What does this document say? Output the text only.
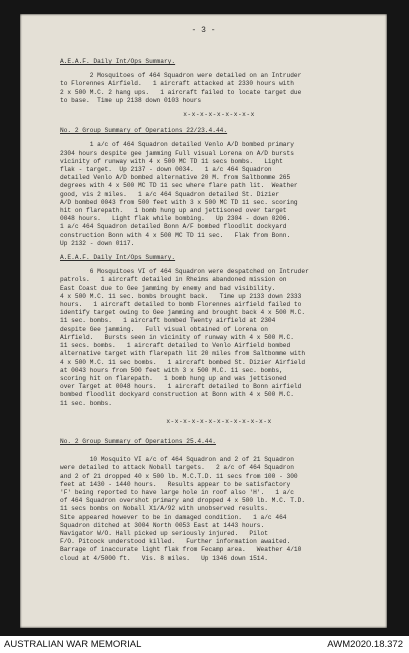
- 3 -
A.E.A.F. Daily Int/Ops Summary.
2 Mosquitoes of 464 Squadron were detailed on an Intruder
to Florennes Airfield.   1 aircraft attacked at 2330 hours with
2 x 500 M.C. 2 hang ups.   1 aircraft failed to locate target due
to base.  Time up 2138 down 0103 hours
x-x-x-x-x-x-x-x-x
No. 2 Group Summary of Operations 22/23.4.44.
1 a/c of 464 Squadron detailed Venlo A/D bombed primary
2304 hours despite gee jamming Full visual Lorena on A/D bursts
vicinity of runway with 4 x 500 MC TD 11 secs bombs.   Light
flak - target.  Up 2137 - down 0034.   1 a/c 464 Squadron
detailed Venlo A/D bombed alternative 20 M. from Saltbomme 265
degrees with 4 x 500 MC TD 11 sec where flare path lit.  Weather
good, vis 2 miles.   1 a/c 464 Squadron detailed St. Dizier
A/D bombed 0043 from 500 feet with 3 x 500 MC TD 11 sec. scoring
hit on flarepath.   1 bomb hung up and jettisoned over target
0048 hours.   Light flak while bombing.   Up 2304 - down 0206.
1 a/c 464 Squadron detailed Bonn A/F bombed floodlit dockyard
construction Bonn with 4 x 500 MC TD 11 sec.   Flak from Bonn.
Up 2132 - down 0117.
A.E.A.F. Daily Int/Ops Summary.
6 Mosquitoes VI of 464 Squadron were despatched on Intruder
patrols.   1 aircraft detailed in Rheims abandoned mission on
East Coast due to Gee jamming by enemy and bad visibility.
4 x 500 M.C. 11 sec. bombs brought back.   Time up 2133 down 2333
hours.   1 aircraft detailed to bomb Florennes airfield failed to
identify target owing to Gee jamming and brought back 4 x 500 M.C.
11 sec. bombs.   1 aircraft bombed Twenty airfield at 2304
despite Gee jamming.   Full visual obtained of Lorena on
Airfield.   Bursts seen in vicinity of runway with 4 x 500 M.C.
11 secs. bombs.   1 aircraft detailed to Venlo Airfield bombed
alternative target with flarepath lit 20 miles from Saltbomme with
4 x 500 M.C. 11 sec bombs.   1 aircraft bombed St. Dizier Airfield
at 0043 hours from 500 feet with 3 x 500 M.C. 11 sec. bombs,
scoring hit on flarepath.   1 bomb hung up and was jettisoned
over Target at 0048 hours.   1 aircraft detailed to Bonn airfield
bombed floodlit dockyard construction at Bonn with 4 x 500 M.C.
11 sec. bombs.
x-x-x-x-x-x-x-x-x-x-x-x-x
No. 2 Group Summary of Operations 25.4.44.
10 Mosquito VI a/c of 464 Squadron and 2 of 21 Squadron
were detailed to attack Noball targets.   2 a/c of 464 Squadron
and 2 of 21 dropped 40 x 500 lb. M.C.T.D. 11 secs from 100 - 300
feet at 1430 - 1440 hours.   Results appear to be satisfactory
'F' being reported to have large hole in roof also 'H'.   1 a/c
of 464 Squadron overshot primary and dropped 4 x 500 lb. M.C. T.D.
11 secs bombs on Noball X1/A/92 with unobserved results.
Site appeared however to be in damaged condition.   1 a/c 464
Squadron ditched at 3004 North 0053 East at 1443 hours.
Navigator W/O. Hall picked up seriously injured.   Pilot
F/O. Pitcock understood killed.   Further information awaited.
Barrage of inaccurate light flak from Fecamp area.   Weather 4/10
cloud at 4/5000 ft.   Vis. 8 miles.   Up 1346 down 1514.
AUSTRALIAN WAR MEMORIAL	AWM2020.18.372
